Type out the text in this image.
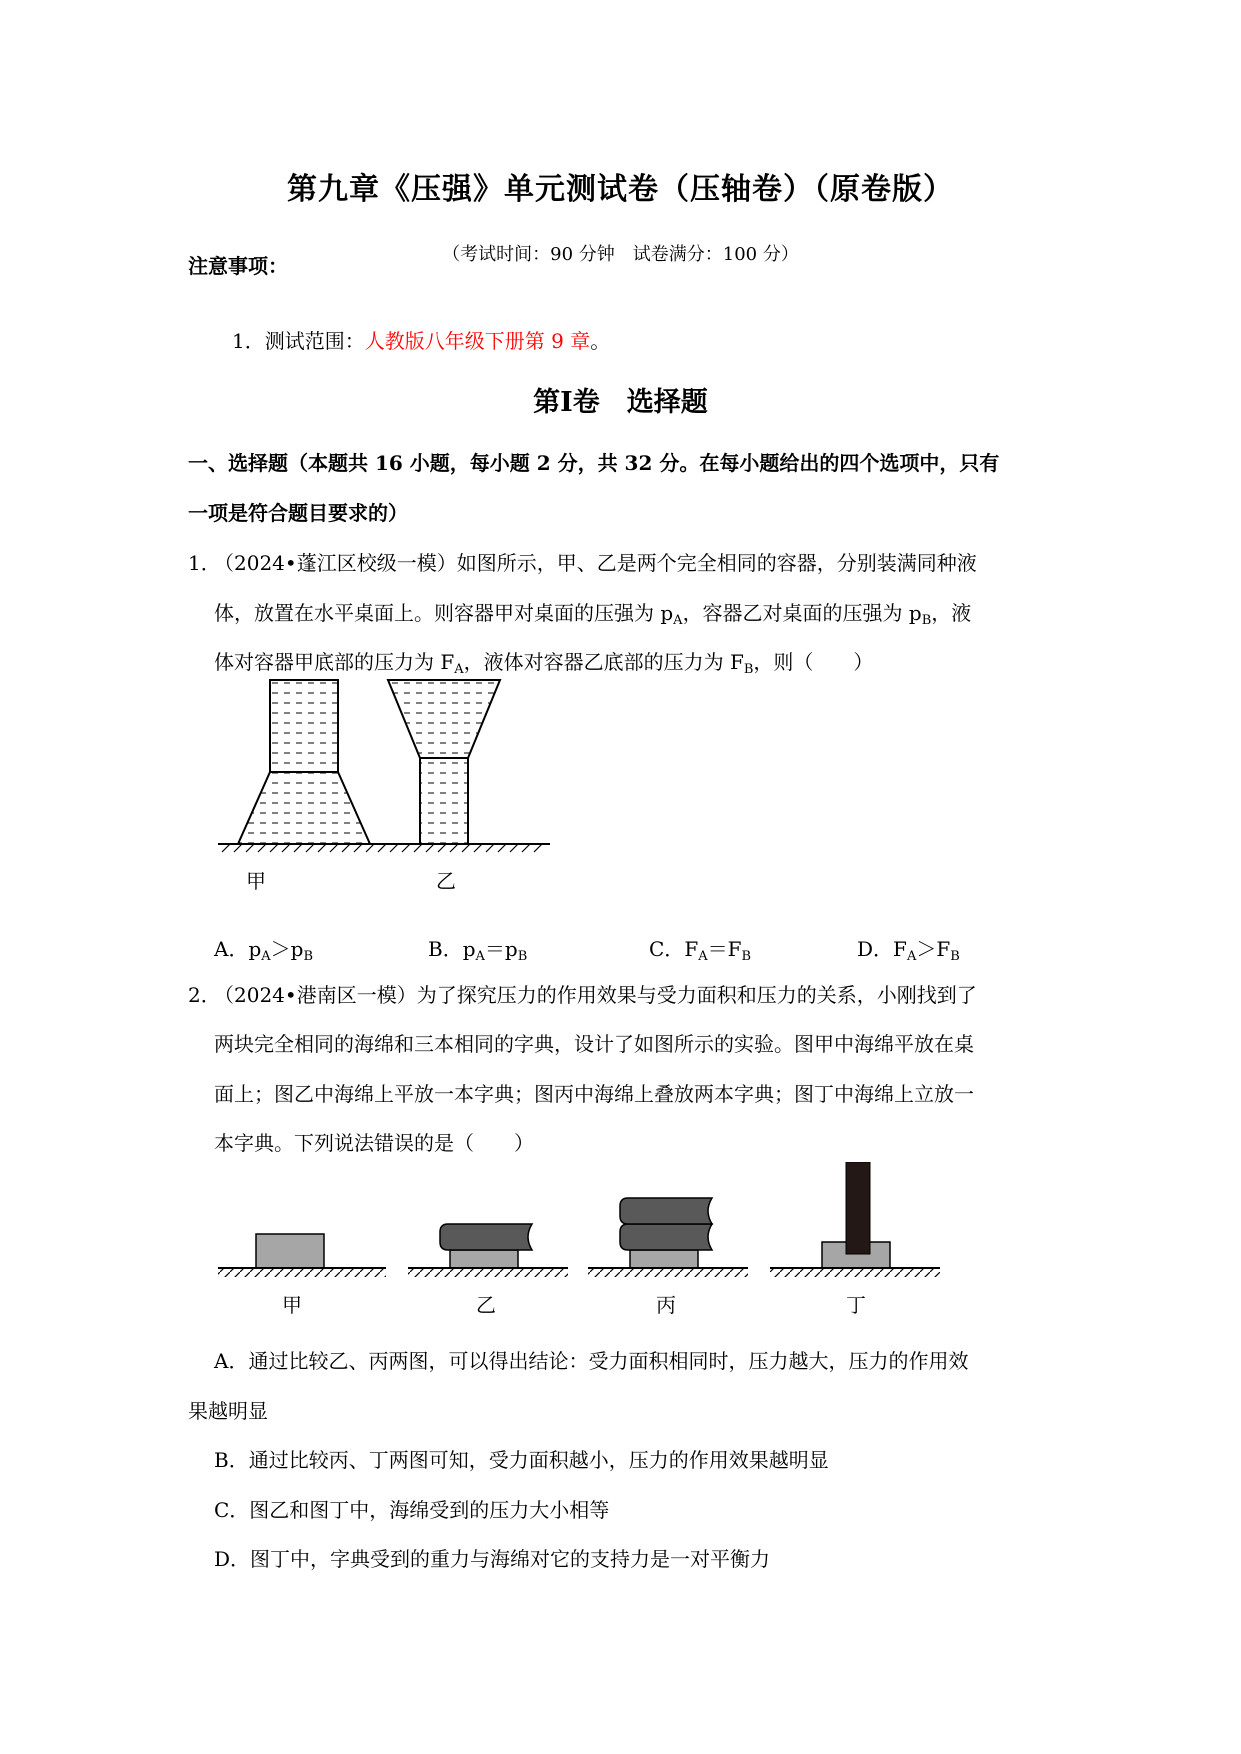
第九章《压强》单元测试卷（压轴卷）（原卷版）
（考试时间：90 分钟　试卷满分：100 分）
注意事项：
1．测试范围：人教版八年级下册第 9 章。
第Ⅰ卷　选择题
一、选择题（本题共 16 小题，每小题 2 分，共 32 分。在每小题给出的四个选项中，只有
一项是符合题目要求的）
1．
（2024•蓬江区校级一模）如图所示，甲、乙是两个完全相同的容器，分别装满同种液
体，放置在水平桌面上。则容器甲对桌面的压强为 $p_A$，容器乙对桌面的压强为 $p_B$，液
体对容器甲底部的压力为 $F_A$，液体对容器乙底部的压力为 $F_B$，则（　　）
甲	乙
A．$p_A>p_B$	B．$p_A=p_B$	C．$F_A=F_B$	D．$F_A>F_B$
2．
（2024•港南区一模）为了探究压力的作用效果与受力面积和压力的关系，小刚找到了
两块完全相同的海绵和三本相同的字典，设计了如图所示的实验。图甲中海绵平放在桌
面上；图乙中海绵上平放一本字典；图丙中海绵上叠放两本字典；图丁中海绵上立放一
本字典。下列说法错误的是（　　）
甲	乙	丙	丁
A．通过比较乙、丙两图，可以得出结论：受力面积相同时，压力越大，压力的作用效
果越明显
B．通过比较丙、丁两图可知，受力面积越小，压力的作用效果越明显
C．图乙和图丁中，海绵受到的压力大小相等
D．图丁中，字典受到的重力与海绵对它的支持力是一对平衡力
